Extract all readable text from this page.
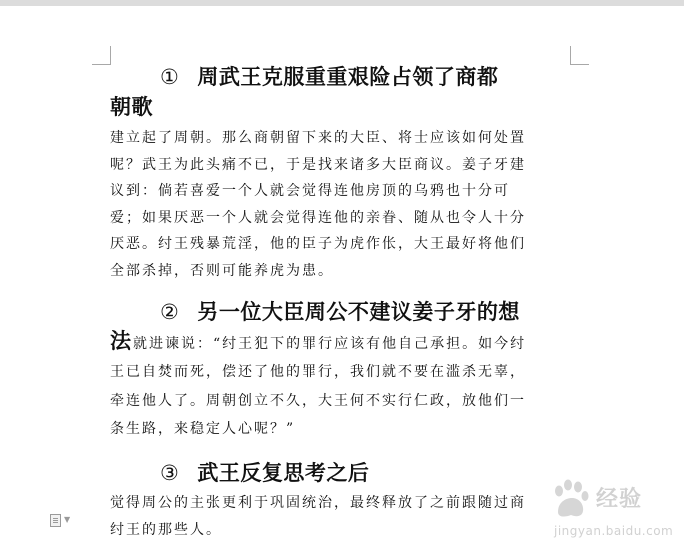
① 周武王克服重重艰险占领了商都
朝歌
建立起了周朝。那么商朝留下来的大臣、将士应该如何处置
呢？武王为此头痛不已，于是找来诸多大臣商议。姜子牙建
议到：倘若喜爱一个人就会觉得连他房顶的乌鸦也十分可
爱；如果厌恶一个人就会觉得连他的亲眷、随从也令人十分
厌恶。纣王残暴荒淫，他的臣子为虎作伥，大王最好将他们
全部杀掉，否则可能养虎为患。
② 另一位大臣周公不建议姜子牙的想
法就进谏说：“纣王犯下的罪行应该有他自己承担。如今纣
王已自焚而死，偿还了他的罪行，我们就不要在滥杀无辜，
牵连他人了。周朝创立不久，大王何不实行仁政，放他们一
条生路，来稳定人心呢？”
③ 武王反复思考之后
觉得周公的主张更利于巩固统治，最终释放了之前跟随过商
纣王的那些人。
▼
经验
jingyan.baidu.com
